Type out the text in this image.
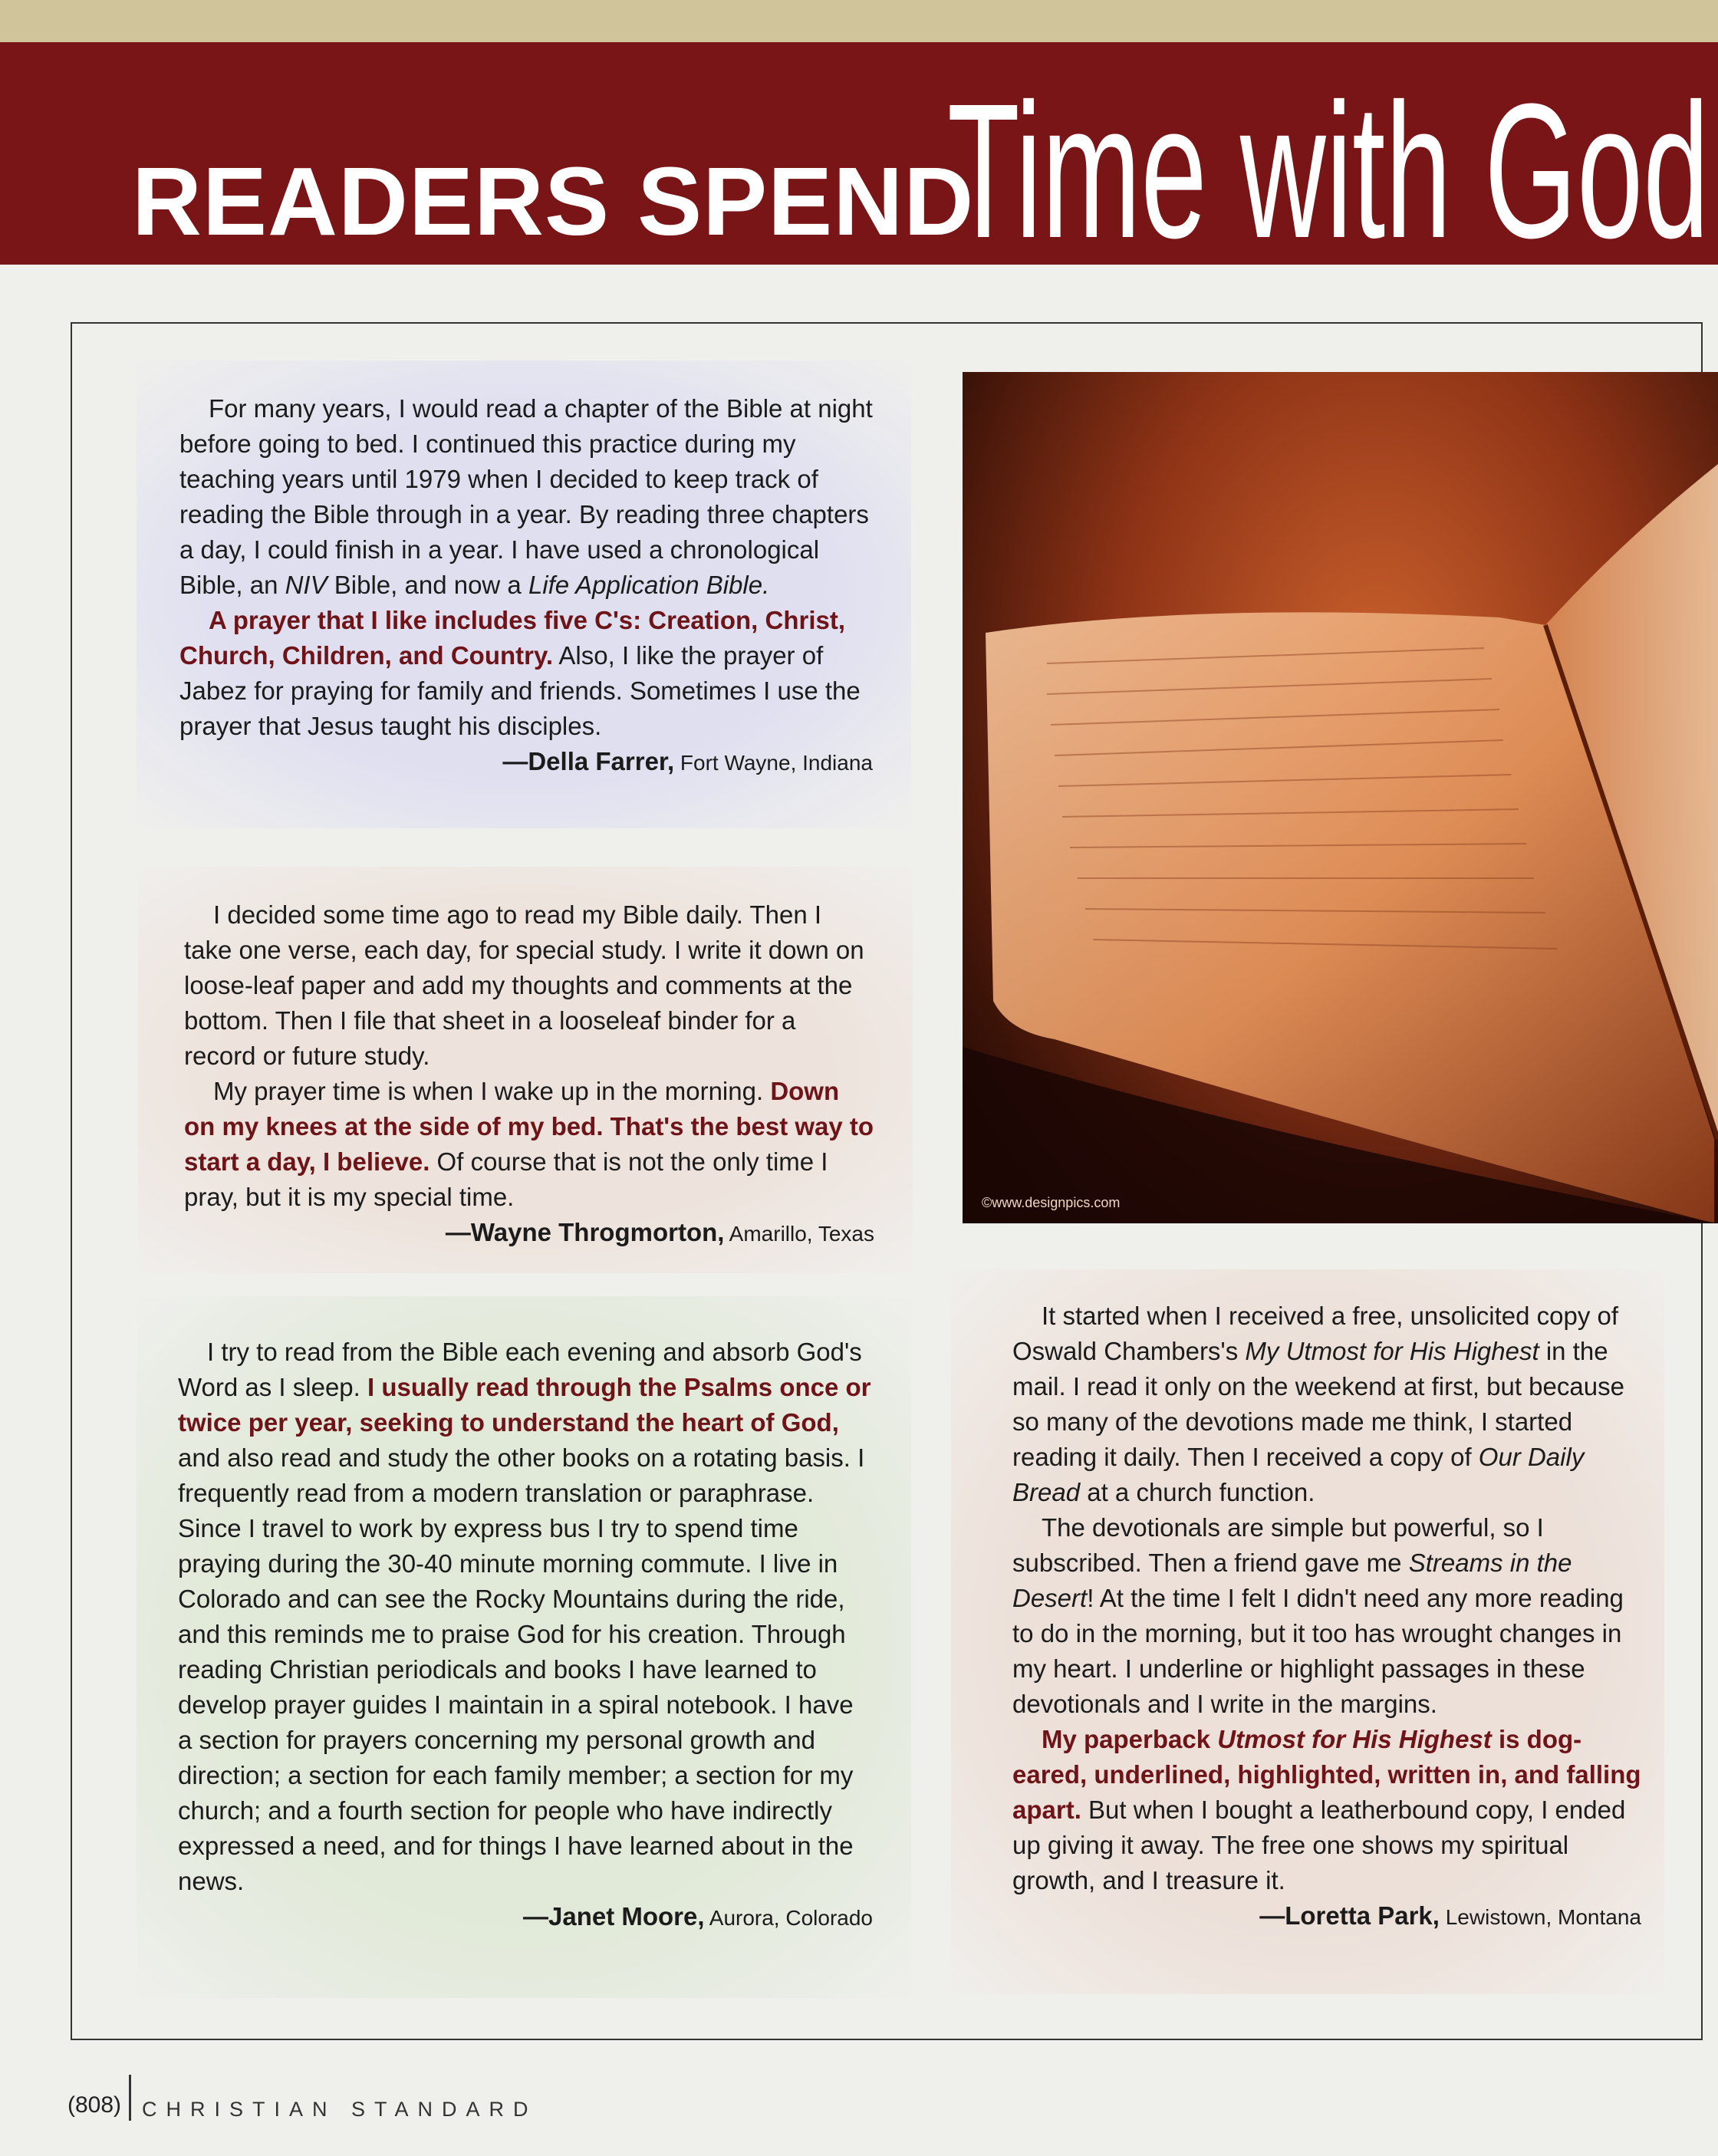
READERS SPEND
Time with God
©www.designpics.com

For many years, I would read a chapter of the Bible at night before going to bed. I continued this practice during my teaching years until 1979 when I decided to keep track of reading the Bible through in a year. By reading three chapters a day, I could finish in a year. I have used a chronological Bible, an NIV Bible, and now a Life Application Bible.

A prayer that I like includes five C's: Creation, Christ, Church, Children, and Country. Also, I like the prayer of Jabez for praying for family and friends. Sometimes I use the prayer that Jesus taught his disciples.

—Della Farrer, Fort Wayne, Indiana

I decided some time ago to read my Bible daily. Then I take one verse, each day, for special study. I write it down on loose-leaf paper and add my thoughts and comments at the bottom. Then I file that sheet in a looseleaf binder for a record or future study.

My prayer time is when I wake up in the morning. Down on my knees at the side of my bed. That's the best way to start a day, I believe. Of course that is not the only time I pray, but it is my special time.

—Wayne Throgmorton, Amarillo, Texas

I try to read from the Bible each evening and absorb God's Word as I sleep. I usually read through the Psalms once or twice per year, seeking to understand the heart of God, and also read and study the other books on a rotating basis. I frequently read from a modern translation or paraphrase. Since I travel to work by express bus I try to spend time praying during the 30-40 minute morning commute. I live in Colorado and can see the Rocky Mountains during the ride, and this reminds me to praise God for his creation. Through reading Christian periodicals and books I have learned to develop prayer guides I maintain in a spiral notebook. I have a section for prayers concerning my personal growth and direction; a section for each family member; a section for my church; and a fourth section for people who have indirectly expressed a need, and for things I have learned about in the news.

—Janet Moore, Aurora, Colorado

It started when I received a free, unsolicited copy of Oswald Chambers's My Utmost for His Highest in the mail. I read it only on the weekend at first, but because so many of the devotions made me think, I started reading it daily. Then I received a copy of Our Daily Bread at a church function.

The devotionals are simple but powerful, so I subscribed. Then a friend gave me Streams in the Desert! At the time I felt I didn't need any more reading to do in the morning, but it too has wrought changes in my heart. I underline or highlight passages in these devotionals and I write in the margins.

My paperback Utmost for His Highest is dog-eared, underlined, highlighted, written in, and falling apart. But when I bought a leatherbound copy, I ended up giving it away. The free one shows my spiritual growth, and I treasure it.

—Loretta Park, Lewistown, Montana
(808) CHRISTIAN STANDARD
